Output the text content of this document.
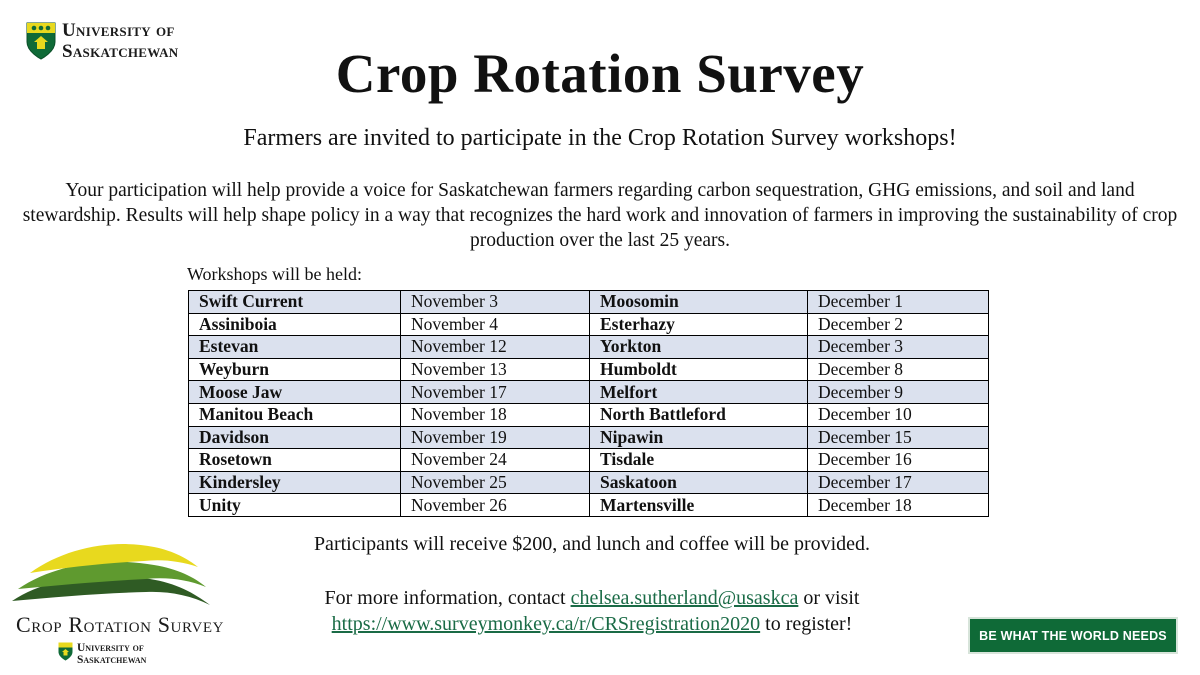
University of
Saskatchewan	Crop Rotation Survey
Farmers are invited to participate in the Crop Rotation Survey workshops!
Your participation will help provide a voice for Saskatchewan farmers regarding carbon sequestration, GHG emissions, and soil and land stewardship. Results will help shape policy in a way that recognizes the hard work and innovation of farmers in improving the sustainability of crop production over the last 25 years.
Workshops will be held:
Swift Current	November 3	Moosomin	December 1
Assiniboia	November 4	Esterhazy	December 2
Estevan	November 12	Yorkton	December 3
Weyburn	November 13	Humboldt	December 8
Moose Jaw	November 17	Melfort	December 9
Manitou Beach	November 18	North Battleford	December 10
Davidson	November 19	Nipawin	December 15
Rosetown	November 24	Tisdale	December 16
Kindersley	November 25	Saskatoon	December 17
Unity	November 26	Martensville	December 18
Participants will receive $200, and lunch and coffee will be provided.
For more information, contact chelsea.sutherland@usaskca or visit
https://www.surveymonkey.ca/r/CRSregistration2020 to register!
Crop Rotation Survey
University of
Saskatchewan
BE WHAT THE WORLD NEEDS
